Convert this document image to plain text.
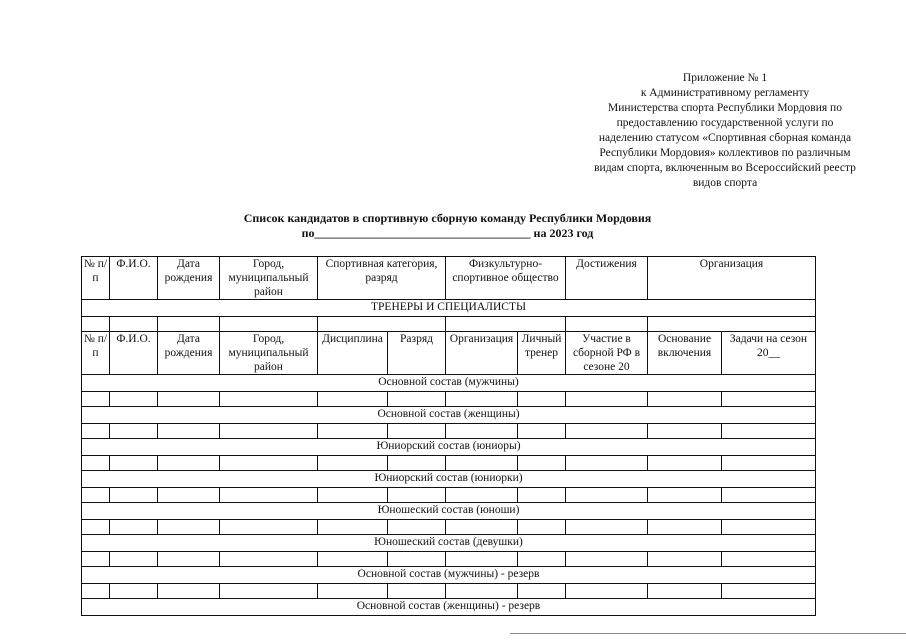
Приложение № 1
к Административному регламенту
Министерства спорта Республики Мордовия по
предоставлению государственной услуги по
наделению статусом «Спортивная сборная команда
Республики Мордовия» коллективов по различным
видам спорта, включенным во Всероссийский реестр
видов спорта
Список кандидатов в спортивную сборную команду Республики Мордовия
по____________________________________ на 2023 год
№ п/п	Ф.И.О.	Дата рождения	Город, муниципальный район	Спортивная категория, разряд		Физкультурно-спортивное общество		Достижения	Организация	
ТРЕНЕРЫ И СПЕЦИАЛИСТЫ										

№ п/п	Ф.И.О.	Дата рождения	Город, муниципальный район	Дисциплина	Разряд	Организация	Личный тренер	Участие в сборной РФ в сезоне 20	Основание включения	Задачи на сезон 20__
Основной состав (мужчины)										

Основной состав (женщины)										

Юниорский состав (юниоры)										

Юниорский состав (юниорки)										

Юношеский состав (юноши)										

Юношеский состав (девушки)										

Основной состав (мужчины) - резерв										

Основной состав (женщины) - резерв										
